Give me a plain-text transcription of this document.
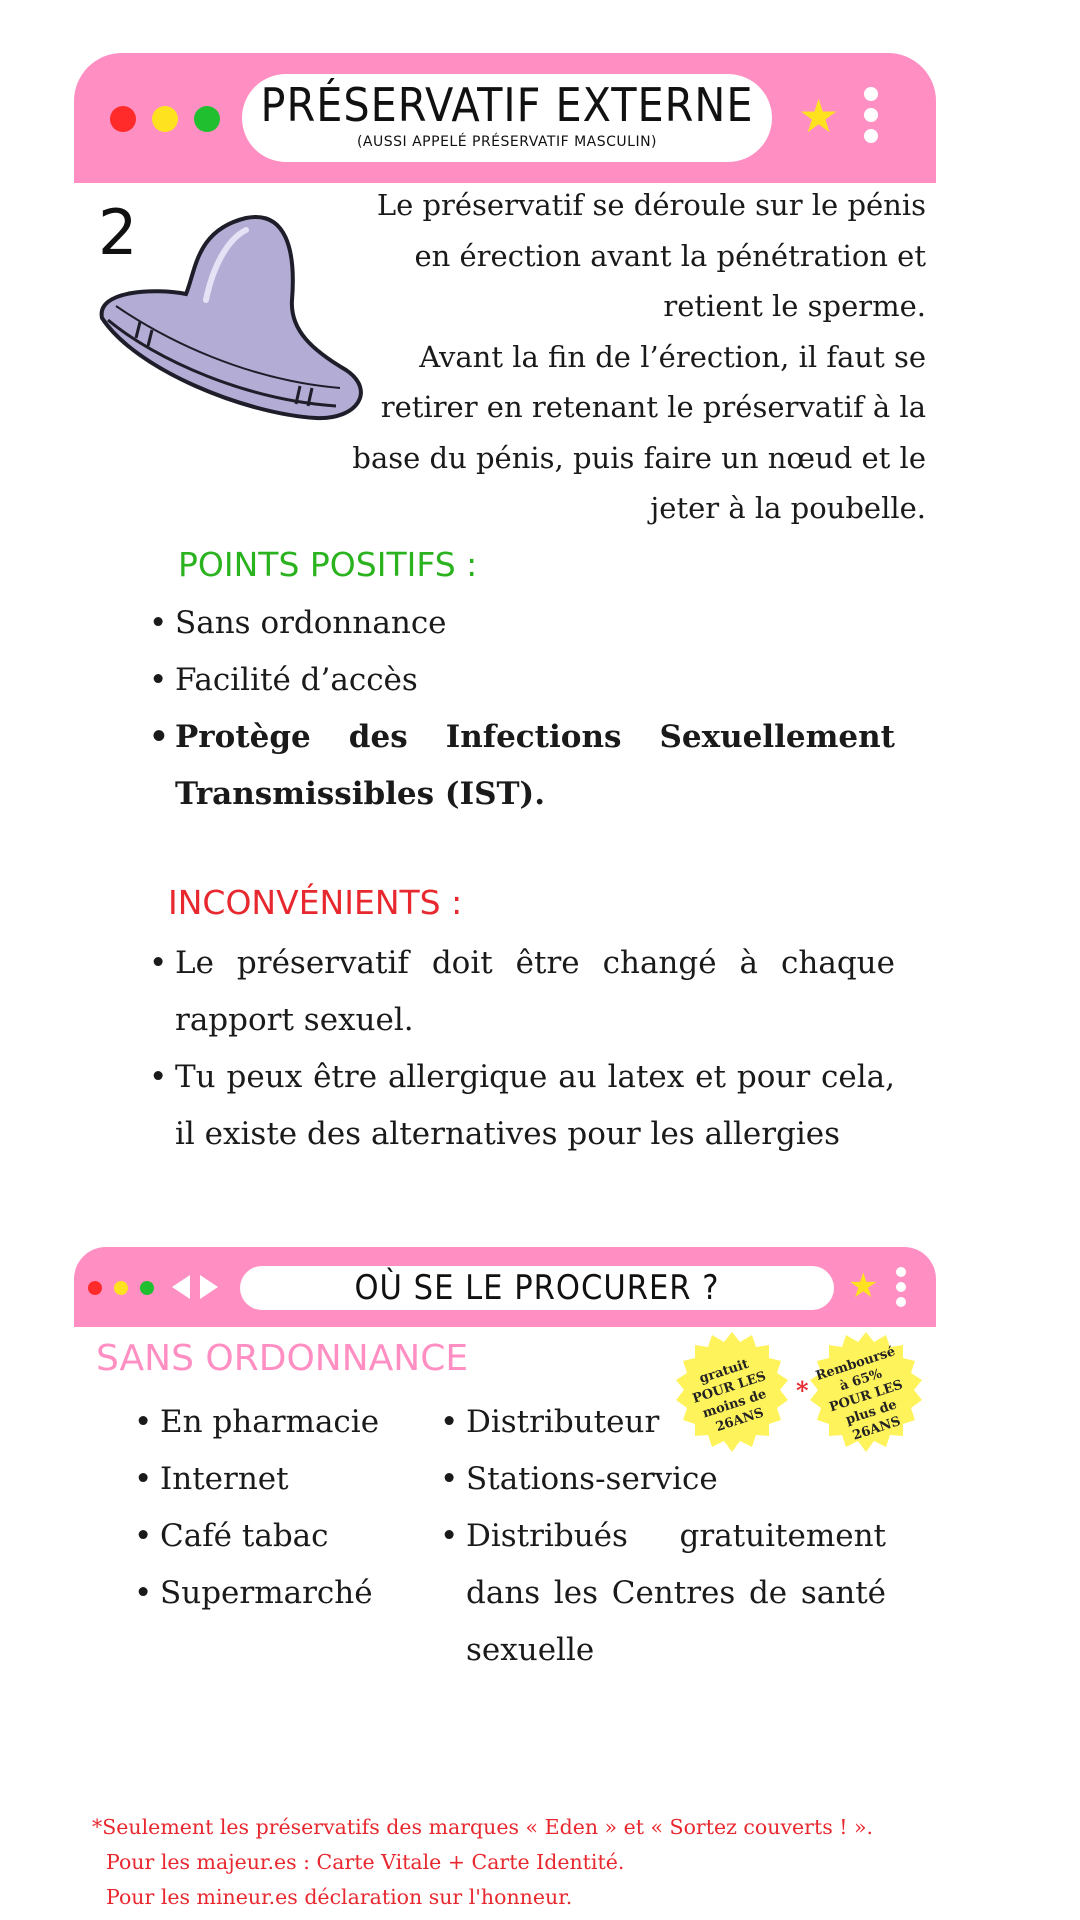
PRÉSERVATIF EXTERNE
(AUSSI APPELÉ PRÉSERVATIF MASCULIN)	★
2	Le préservatif se déroule sur le pénis en érection avant la pénétration et retient le sperme.
Avant la fin de l’érection, il faut se retirer en retenant le préservatif à la base du pénis, puis faire un nœud et le jeter à la poubelle.
POINTS POSITIFS :
• Sans ordonnance
• Facilité d’accès
• Protège des Infections Sexuellement Transmissibles (IST).
INCONVÉNIENTS :
• Le préservatif doit être changé à chaque rapport sexuel.
• Tu peux être allergique au latex et pour cela, il existe des alternatives pour les allergies
OÙ SE LE PROCURER ?	★
SANS ORDONNANCE
• En pharmacie
• Internet
• Café tabac
• Supermarché
• Distributeur
• Stations-service
• Distribués gratuitement dans les Centres de santé sexuelle
gratuit POUR LES moins de 26ANS
*
Remboursé à 65% POUR LES plus de 26ANS

*Seulement les préservatifs des marques « Eden » et « Sortez couverts ! ».

Pour les majeur.es : Carte Vitale + Carte Identité.

Pour les mineur.es déclaration sur l'honneur.
